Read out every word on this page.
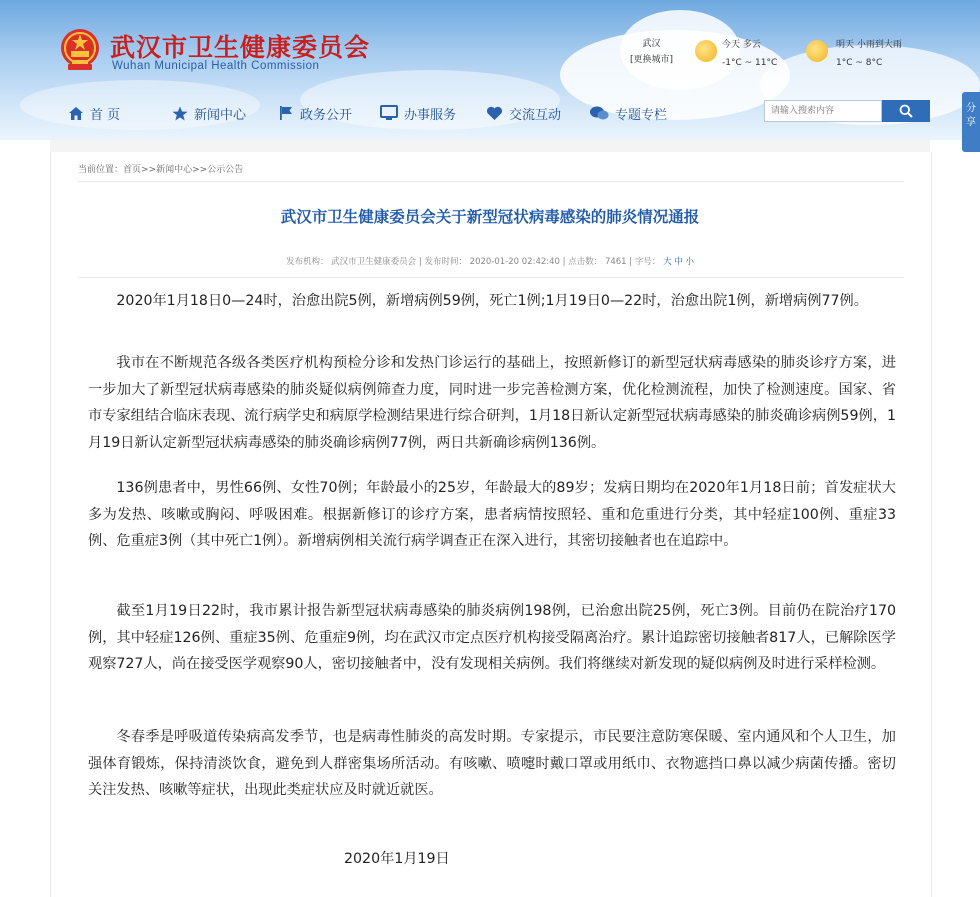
武汉市卫生健康委员会
Wuhan Municipal Health Commission
武汉
[更换城市]
今天 多云
-1°C ~ 11°C
明天 小雨到大雨
1°C ~ 8°C
首 页	新闻中心	政务公开	办事服务	交流互动	专题专栏
请输入搜索内容	分享
当前位置：首页>>新闻中心>>公示公告
武汉市卫生健康委员会关于新型冠状病毒感染的肺炎情况通报
发布机构： 武汉市卫生健康委员会 | 发布时间： 2020-01-20 02:42:40 | 点击数： 7461 | 字号： 大 中 小

2020年1月18日0—24时，治愈出院5例，新增病例59例，死亡1例;1月19日0—22时，治愈出院1例，新增病例77例。

我市在不断规范各级各类医疗机构预检分诊和发热门诊运行的基础上，按照新修订的新型冠状病毒感染的肺炎诊疗方案，进一步加大了新型冠状病毒感染的肺炎疑似病例筛查力度，同时进一步完善检测方案，优化检测流程，加快了检测速度。国家、省市专家组结合临床表现、流行病学史和病原学检测结果进行综合研判，1月18日新认定新型冠状病毒感染的肺炎确诊病例59例，1月19日新认定新型冠状病毒感染的肺炎确诊病例77例，两日共新确诊病例136例。

136例患者中，男性66例、女性70例；年龄最小的25岁，年龄最大的89岁；发病日期均在2020年1月18日前；首发症状大多为发热、咳嗽或胸闷、呼吸困难。根据新修订的诊疗方案，患者病情按照轻、重和危重进行分类，其中轻症100例、重症33例、危重症3例（其中死亡1例）。新增病例相关流行病学调查正在深入进行，其密切接触者也在追踪中。

截至1月19日22时，我市累计报告新型冠状病毒感染的肺炎病例198例，已治愈出院25例，死亡3例。目前仍在院治疗170例，其中轻症126例、重症35例、危重症9例，均在武汉市定点医疗机构接受隔离治疗。累计追踪密切接触者817人，已解除医学观察727人，尚在接受医学观察90人，密切接触者中，没有发现相关病例。我们将继续对新发现的疑似病例及时进行采样检测。

冬春季是呼吸道传染病高发季节，也是病毒性肺炎的高发时期。专家提示，市民要注意防寒保暖、室内通风和个人卫生，加强体育锻炼，保持清淡饮食，避免到人群密集场所活动。有咳嗽、喷嚏时戴口罩或用纸巾、衣物遮挡口鼻以减少病菌传播。密切关注发热、咳嗽等症状，出现此类症状应及时就近就医。

2020年1月19日
